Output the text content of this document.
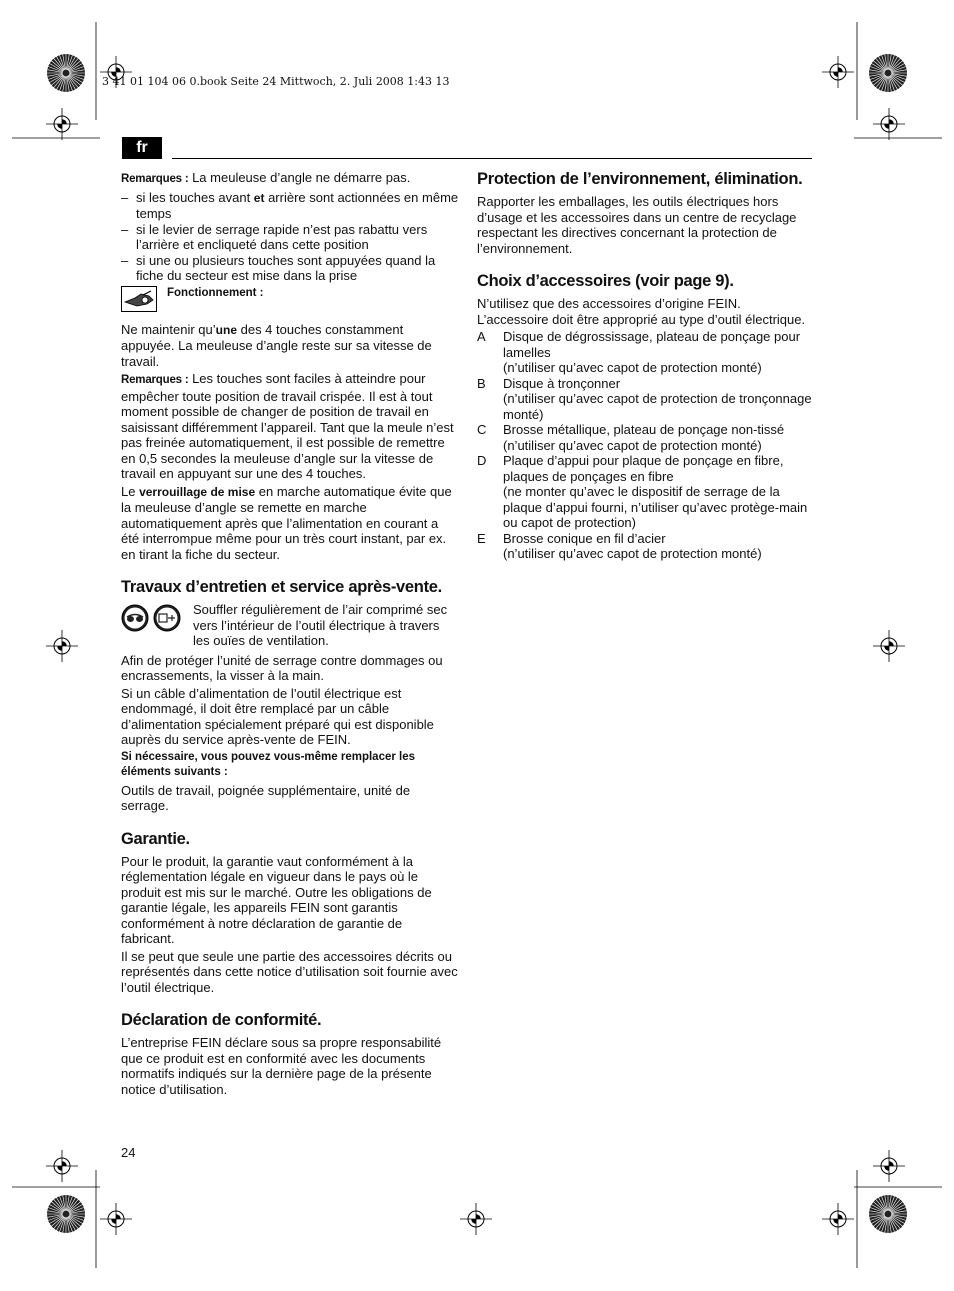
3 41 01 104 06 0.book Seite 24 Mittwoch, 2. Juli 2008 1:43 13
fr

Remarques : La meuleuse d’angle ne démarre pas.

– si les touches avant et arrière sont actionnées en même temps
– si le levier de serrage rapide n’est pas rabattu vers l’arrière et encliqueté dans cette position
– si une ou plusieurs touches sont appuyées quand la fiche du secteur est mise dans la prise
Fonctionnement :

Ne maintenir qu’une des 4 touches constamment appuyée. La meuleuse d’angle reste sur sa vitesse de travail.

Remarques : Les touches sont faciles à atteindre pour empêcher toute position de travail crispée. Il est à tout moment possible de changer de position de travail en saisissant différemment l’appareil. Tant que la meule n’est pas freinée automatiquement, il est possible de remettre en 0,5 secondes la meuleuse d’angle sur la vitesse de travail en appuyant sur une des 4 touches.

Le verrouillage de mise en marche automatique évite que la meuleuse d’angle se remette en marche automatiquement après que l’alimentation en courant a été interrompue même pour un très court instant, par ex. en tirant la fiche du secteur.

Travaux d’entretien et service après-vente.

Souffler régulièrement de l’air comprimé sec vers l’intérieur de l’outil électrique à travers les ouïes de ventilation.

Afin de protéger l’unité de serrage contre dommages ou encrassements, la visser à la main.

Si un câble d’alimentation de l’outil électrique est endommagé, il doit être remplacé par un câble d’alimentation spécialement préparé qui est disponible auprès du service après-vente de FEIN.

Si nécessaire, vous pouvez vous-même remplacer les éléments suivants :

Outils de travail, poignée supplémentaire, unité de serrage.

Garantie.

Pour le produit, la garantie vaut conformément à la réglementation légale en vigueur dans le pays où le produit est mis sur le marché. Outre les obligations de garantie légale, les appareils FEIN sont garantis conformément à notre déclaration de garantie de fabricant.

Il se peut que seule une partie des accessoires décrits ou représentés dans cette notice d’utilisation soit fournie avec l’outil électrique.

Déclaration de conformité.

L’entreprise FEIN déclare sous sa propre responsabilité que ce produit est en conformité avec les documents normatifs indiqués sur la dernière page de la présente notice d’utilisation.

Protection de l’environnement, élimination.

Rapporter les emballages, les outils électriques hors d’usage et les accessoires dans un centre de recyclage respectant les directives concernant la protection de l’environnement.

Choix d’accessoires (voir page 9).

N’utilisez que des accessoires d’origine FEIN. L’accessoire doit être approprié au type d’outil électrique.

A	Disque de dégrossissage, plateau de ponçage pour lamelles
(n’utiliser qu’avec capot de protection monté)
B	Disque à tronçonner
(n’utiliser qu’avec capot de protection de tronçonnage monté)
C	Brosse métallique, plateau de ponçage non-tissé
(n’utiliser qu’avec capot de protection monté)
D	Plaque d’appui pour plaque de ponçage en fibre, plaques de ponçages en fibre
(ne monter qu’avec le dispositif de serrage de la plaque d’appui fourni, n’utiliser qu’avec protège-main ou capot de protection)
E	Brosse conique en fil d’acier
(n’utiliser qu’avec capot de protection monté)
24
